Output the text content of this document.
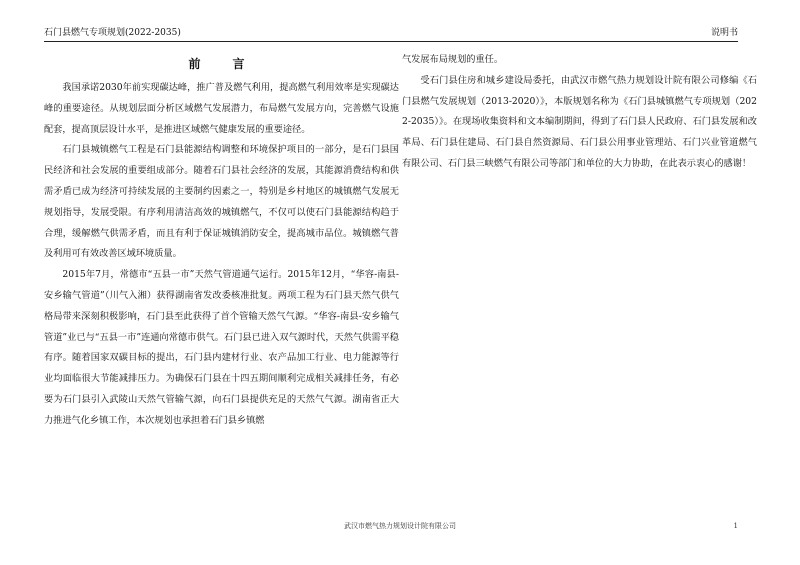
石门县燃气专项规划(2022-2035)	说明书
前　言

我国承诺2030年前实现碳达峰，推广普及燃气利用，提高燃气利用效率是实现碳达峰的重要途径。从规划层面分析区域燃气发展潜力，布局燃气发展方向，完善燃气设施配套，提高顶层设计水平，是推进区域燃气健康发展的重要途径。

石门县城镇燃气工程是石门县能源结构调整和环境保护项目的一部分，是石门县国民经济和社会发展的重要组成部分。随着石门县社会经济的发展，其能源消费结构和供需矛盾已成为经济可持续发展的主要制约因素之一，特别是乡村地区的城镇燃气发展无规划指导，发展受限。有序利用清洁高效的城镇燃气，不仅可以使石门县能源结构趋于合理，缓解燃气供需矛盾，而且有利于保证城镇消防安全，提高城市品位。城镇燃气普及利用可有效改善区域环境质量。

2015年7月，常德市“五县一市”天然气管道通气运行。2015年12月，“华容-南县-安乡输气管道”（川气入湘）获得湖南省发改委核准批复。两项工程为石门县天然气供气格局带来深刻积极影响，石门县至此获得了首个管输天然气气源。“华容-南县-安乡输气管道”业已与“五县一市”连通向常德市供气。石门县已进入双气源时代，天然气供需平稳有序。随着国家双碳目标的提出，石门县内建材行业、农产品加工行业、电力能源等行业均面临很大节能减排压力。为确保石门县在十四五期间顺利完成相关减排任务，有必要为石门县引入武陵山天然气管输气源，向石门县提供充足的天然气气源。湖南省正大力推进气化乡镇工作，本次规划也承担着石门县乡镇燃

气发展布局规划的重任。

受石门县住房和城乡建设局委托，由武汉市燃气热力规划设计院有限公司修编《石门县燃气发展规划（2013-2020）》，本版规划名称为《石门县城镇燃气专项规划（2022-2035）》。在现场收集资料和文本编制期间，得到了石门县人民政府、石门县发展和改革局、石门县住建局、石门县自然资源局、石门县公用事业管理站、石门兴业管道燃气有限公司、石门县三峡燃气有限公司等部门和单位的大力协助，在此表示衷心的感谢！

武汉市燃气热力规划设计院有限公司	1
